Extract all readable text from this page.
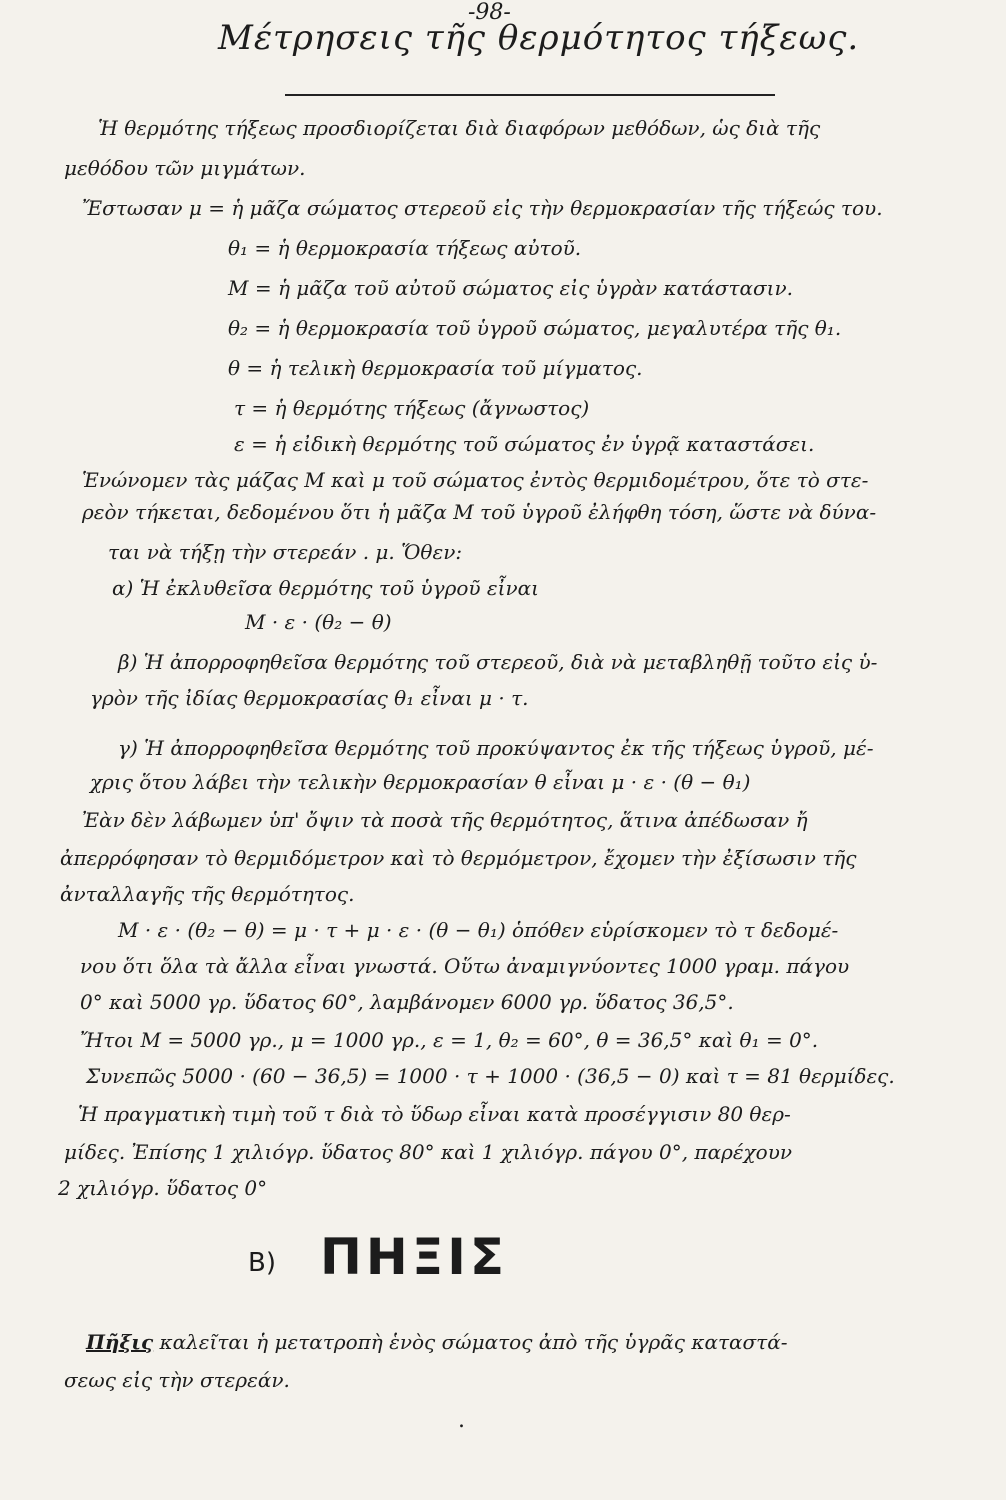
-98-
Μέτρησεις τῆς θερμότητος τήξεως.
Ἡ θερμότης τήξεως προσδιορίζεται διὰ διαφόρων μεθόδων, ὡς διὰ τῆς
μεθόδου τῶν μιγμάτων.
Ἔστωσαν μ = ἡ μᾶζα σώματος στερεοῦ εἰς τὴν θερμοκρασίαν τῆς τήξεώς του.
θ₁ = ἡ θερμοκρασία τήξεως αὐτοῦ.
M = ἡ μᾶζα τοῦ αὐτοῦ σώματος εἰς ὑγρὰν κατάστασιν.
θ₂ = ἡ θερμοκρασία τοῦ ὑγροῦ σώματος, μεγαλυτέρα τῆς θ₁.
θ = ἡ τελικὴ θερμοκρασία τοῦ μίγματος.
τ = ἡ θερμότης τήξεως (ἄγνωστος)
ε = ἡ εἰδικὴ θερμότης τοῦ σώματος ἐν ὑγρᾷ καταστάσει.
Ἑνώνομεν τὰς μάζας M καὶ μ τοῦ σώματος ἐντὸς θερμιδομέτρου, ὅτε τὸ στε-
ρεὸν τήκεται, δεδομένου ὅτι ἡ μᾶζα M τοῦ ὑγροῦ ἐλήφθη τόση, ὥστε νὰ δύνα-
ται νὰ τήξῃ τὴν στερεάν . μ. Ὅθεν:
α) Ἡ ἐκλυθεῖσα θερμότης τοῦ ὑγροῦ εἶναι
M · ε · (θ₂ − θ)
β) Ἡ ἀπορροφηθεῖσα θερμότης τοῦ στερεοῦ, διὰ νὰ μεταβληθῇ τοῦτο εἰς ὑ-
γρὸν τῆς ἰδίας θερμοκρασίας θ₁ εἶναι μ · τ.
γ) Ἡ ἀπορροφηθεῖσα θερμότης τοῦ προκύψαντος ἐκ τῆς τήξεως ὑγροῦ, μέ-
χρις ὅτου λάβει τὴν τελικὴν θερμοκρασίαν θ εἶναι μ · ε · (θ − θ₁)
Ἐὰν δὲν λάβωμεν ὑπ' ὄψιν τὰ ποσὰ τῆς θερμότητος, ἅτινα ἀπέδωσαν ἤ
ἀπερρόφησαν τὸ θερμιδόμετρον καὶ τὸ θερμόμετρον, ἔχομεν τὴν ἐξίσωσιν τῆς
ἀνταλλαγῆς τῆς θερμότητος.
M · ε · (θ₂ − θ) = μ · τ + μ · ε · (θ − θ₁) ὁπόθεν εὑρίσκομεν τὸ τ δεδομέ-
νου ὅτι ὅλα τὰ ἄλλα εἶναι γνωστά. Οὕτω ἀναμιγνύοντες 1000 γραμ. πάγου
0° καὶ 5000 γρ. ὕδατος 60°, λαμβάνομεν 6000 γρ. ὕδατος 36,5°.
Ἤτοι M = 5000 γρ., μ = 1000 γρ., ε = 1, θ₂ = 60°, θ = 36,5° καὶ θ₁ = 0°.
Συνεπῶς 5000 · (60 − 36,5) = 1000 · τ + 1000 · (36,5 − 0) καὶ τ = 81 θερμίδες.
Ἡ πραγματικὴ τιμὴ τοῦ τ διὰ τὸ ὕδωρ εἶναι κατὰ προσέγγισιν 80 θερ-
μίδες. Ἐπίσης 1 χιλιόγρ. ὕδατος 80° καὶ 1 χιλιόγρ. πάγου 0°, παρέχουν
2 χιλιόγρ. ὕδατος 0°
B) ΠΗΞΙΣ
Πῆξις καλεῖται ἡ μετατροπὴ ἑνὸς σώματος ἀπὸ τῆς ὑγρᾶς καταστά-
σεως εἰς τὴν στερεάν.
.
